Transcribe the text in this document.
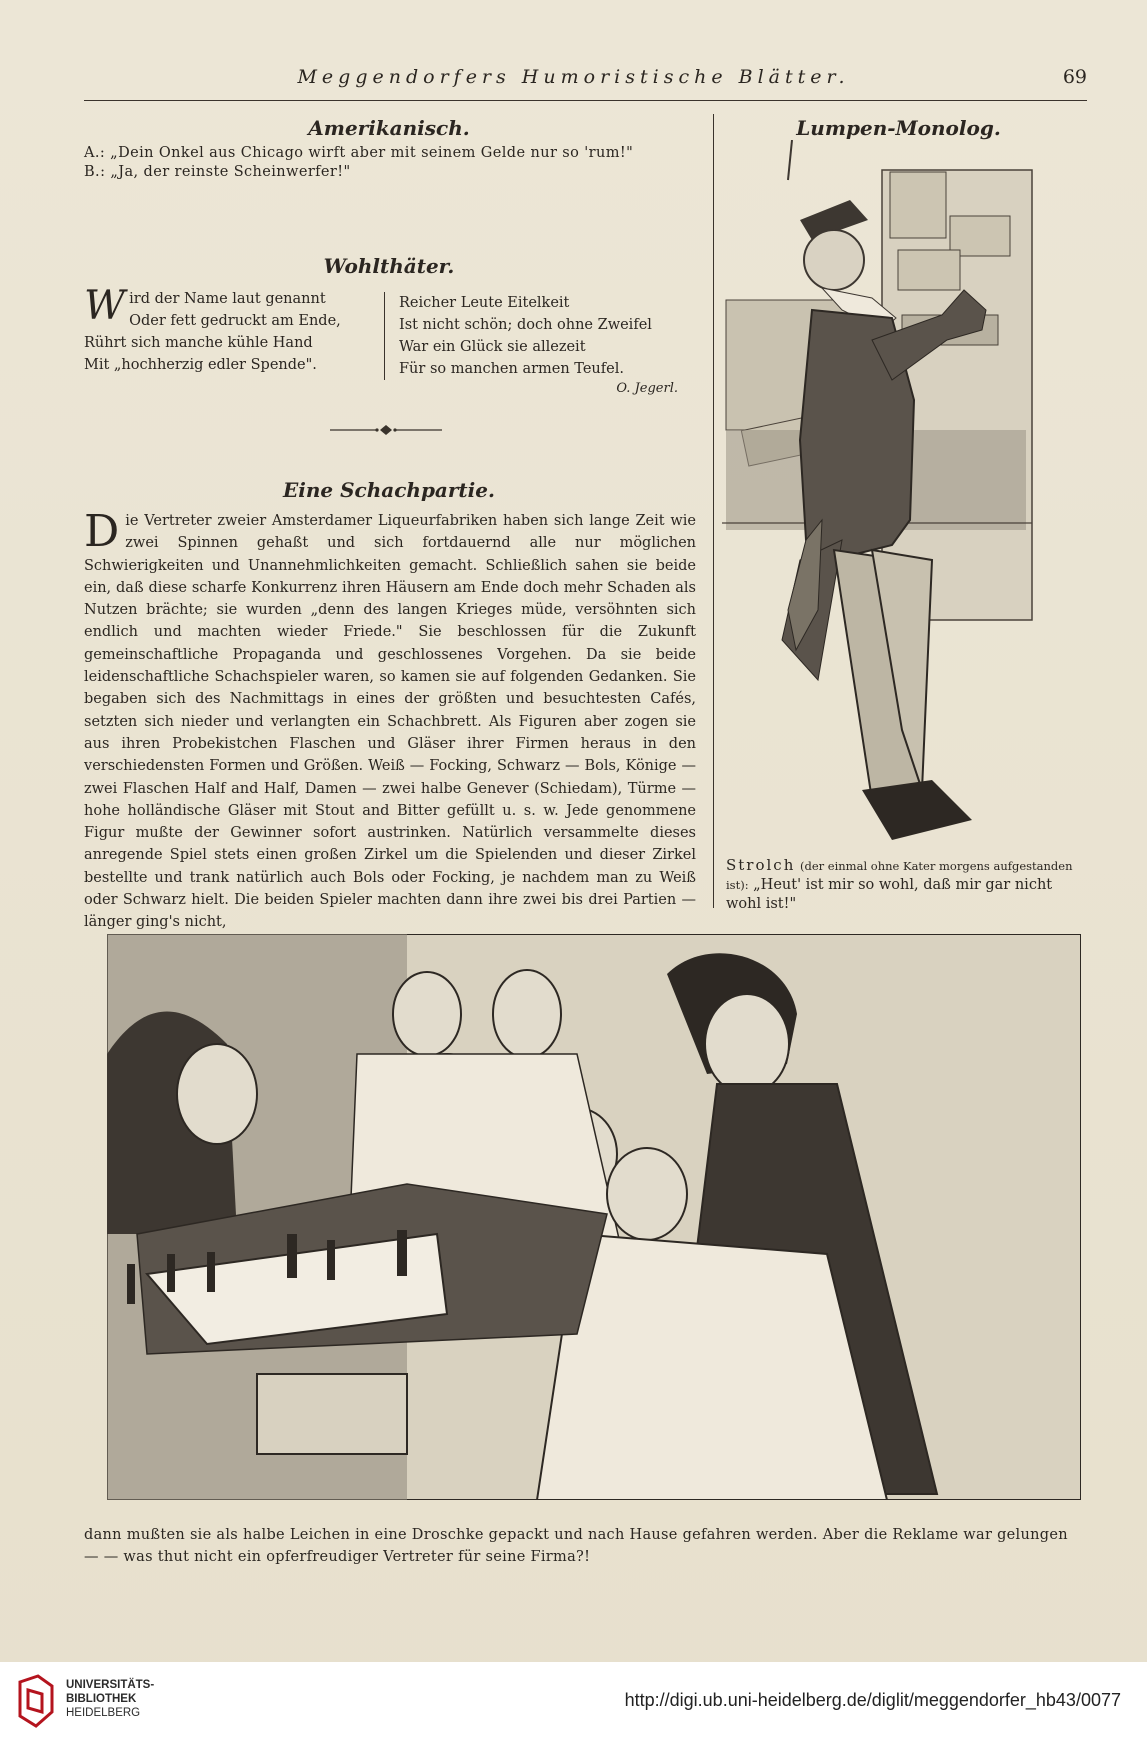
Meggendorfers Humoristische Blätter.	69
Amerikanisch.
A.: „Dein Onkel aus Chicago wirft aber mit seinem Gelde nur so 'rum!"
B.: „Ja, der reinste Scheinwerfer!"
Wohlthäter.
Wird der Name laut genannt
Oder fett gedruckt am Ende,
Rührt sich manche kühle Hand
Mit „hochherzig edler Spende".
Reicher Leute Eitelkeit
Ist nicht schön; doch ohne Zweifel
War ein Glück sie allezeit
Für so manchen armen Teufel.
O. Jegerl.
Eine Schachpartie.
Die Vertreter zweier Amsterdamer Liqueurfabriken haben sich lange Zeit wie zwei Spinnen gehaßt und sich fortdauernd alle nur möglichen Schwierigkeiten und Unannehmlichkeiten gemacht. Schließlich sahen sie beide ein, daß diese scharfe Konkurrenz ihren Häusern am Ende doch mehr Schaden als Nutzen brächte; sie wurden „denn des langen Krieges müde, versöhnten sich endlich und machten wieder Friede." Sie beschlossen für die Zukunft gemeinschaftliche Propaganda und geschlossenes Vorgehen. Da sie beide leidenschaftliche Schachspieler waren, so kamen sie auf folgenden Gedanken. Sie begaben sich des Nachmittags in eines der größten und besuchtesten Cafés, setzten sich nieder und verlangten ein Schachbrett. Als Figuren aber zogen sie aus ihren Probekistchen Flaschen und Gläser ihrer Firmen heraus in den verschiedensten Formen und Größen. Weiß — Focking, Schwarz — Bols, Könige — zwei Flaschen Half and Half, Damen — zwei halbe Genever (Schiedam), Türme — hohe holländische Gläser mit Stout and Bitter gefüllt u. s. w. Jede genommene Figur mußte der Gewinner sofort austrinken. Natürlich versammelte dieses anregende Spiel stets einen großen Zirkel um die Spielenden und dieser Zirkel bestellte und trank natürlich auch Bols oder Focking, je nachdem man zu Weiß oder Schwarz hielt. Die beiden Spieler machten dann ihre zwei bis drei Partien — länger ging's nicht,
Lumpen-Monolog.
Strolch (der einmal ohne Kater morgens aufgestanden ist): „Heut' ist mir so wohl, daß mir gar nicht wohl ist!"
dann mußten sie als halbe Leichen in eine Droschke gepackt und nach Hause gefahren werden. Aber die Reklame war gelungen
— — was thut nicht ein opferfreudiger Vertreter für seine Firma?!
UNIVERSITÄTS-
BIBLIOTHEK
HEIDELBERG
http://digi.ub.uni-heidelberg.de/diglit/meggendorfer_hb43/0077
